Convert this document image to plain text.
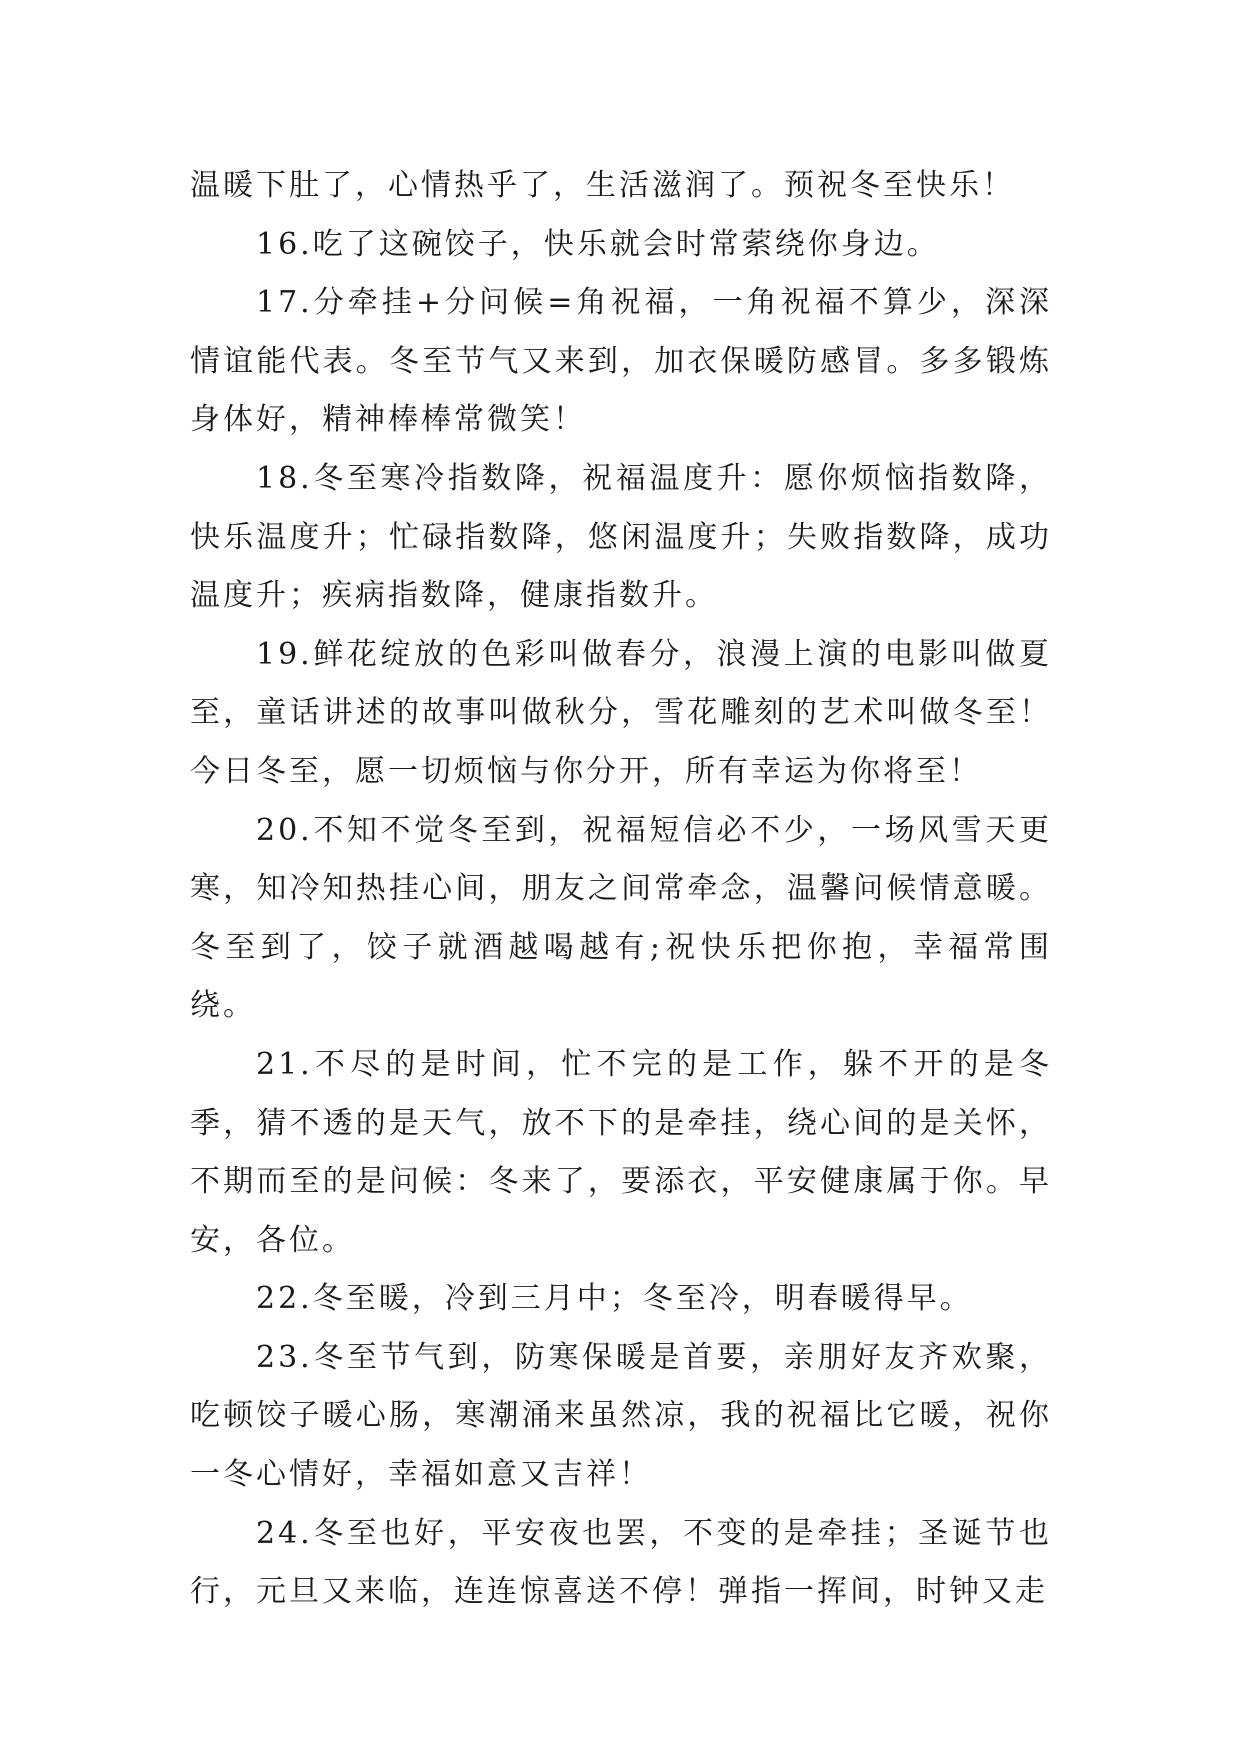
温暖下肚了，心情热乎了，生活滋润了。预祝冬至快乐！

16.吃了这碗饺子，快乐就会时常萦绕你身边。

17.分牵挂+分问候=角祝福，一角祝福不算少，深深情谊能代表。冬至节气又来到，加衣保暖防感冒。多多锻炼身体好，精神棒棒常微笑！

18.冬至寒冷指数降，祝福温度升：愿你烦恼指数降，快乐温度升；忙碌指数降，悠闲温度升；失败指数降，成功温度升；疾病指数降，健康指数升。

19.鲜花绽放的色彩叫做春分，浪漫上演的电影叫做夏至，童话讲述的故事叫做秋分，雪花雕刻的艺术叫做冬至！今日冬至，愿一切烦恼与你分开，所有幸运为你将至！

20.不知不觉冬至到，祝福短信必不少，一场风雪天更寒，知冷知热挂心间，朋友之间常牵念，温馨问候情意暖。冬至到了，饺子就酒越喝越有;祝快乐把你抱，幸福常围绕。

21.不尽的是时间，忙不完的是工作，躲不开的是冬季，猜不透的是天气，放不下的是牵挂，绕心间的是关怀，不期而至的是问候：冬来了，要添衣，平安健康属于你。早安，各位。

22.冬至暖，冷到三月中；冬至冷，明春暖得早。

23.冬至节气到，防寒保暖是首要，亲朋好友齐欢聚，吃顿饺子暖心肠，寒潮涌来虽然凉，我的祝福比它暖，祝你一冬心情好，幸福如意又吉祥！

24.冬至也好，平安夜也罢，不变的是牵挂；圣诞节也行，元旦又来临，连连惊喜送不停！弹指一挥间，时钟又走
